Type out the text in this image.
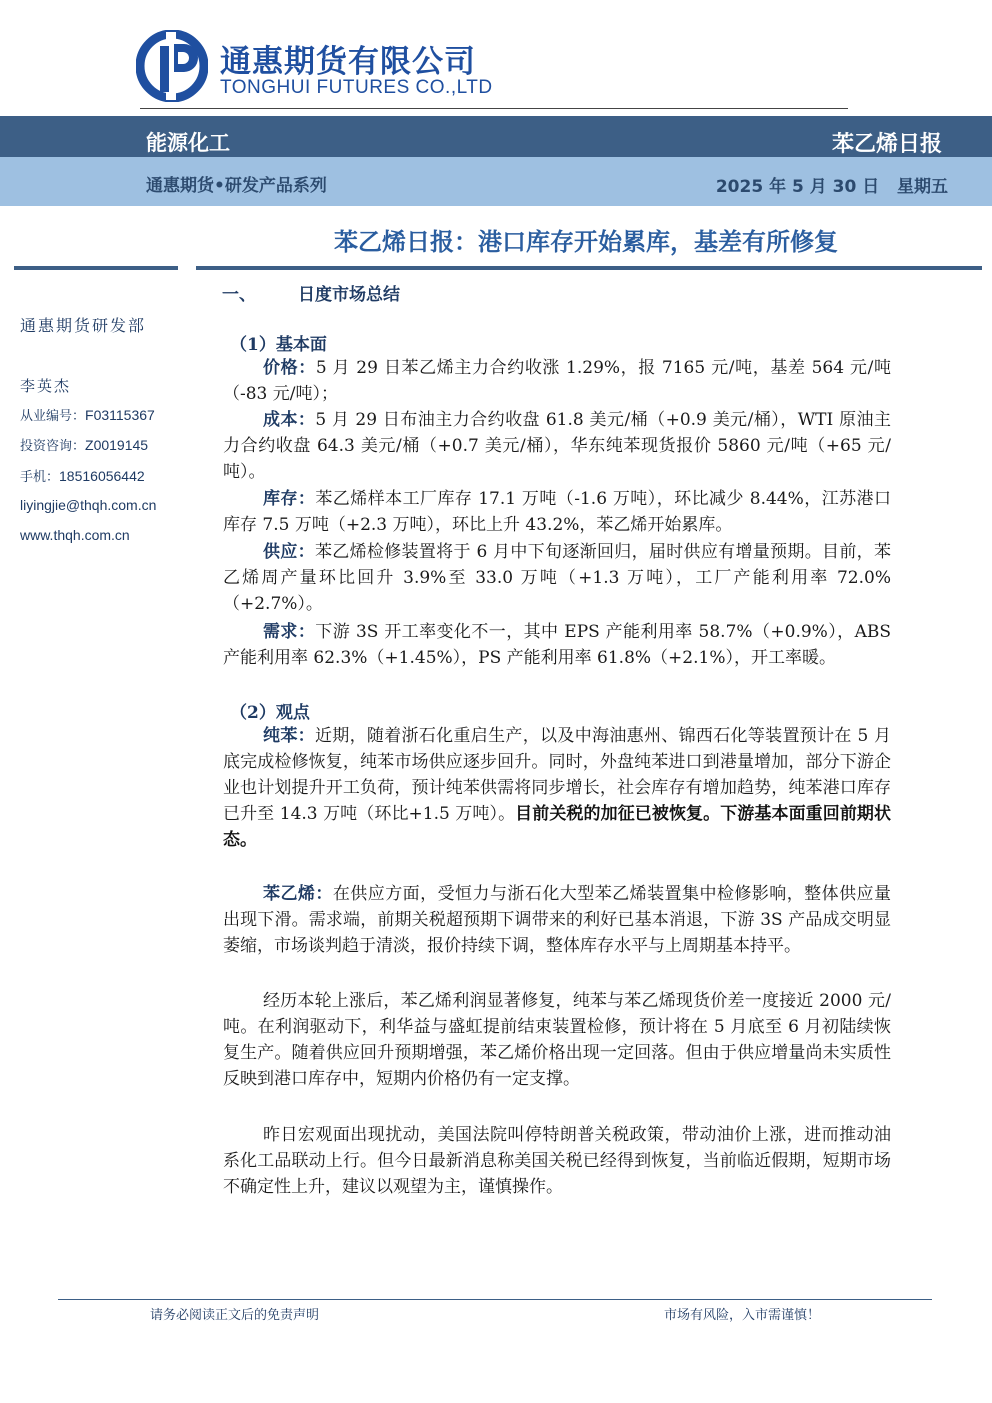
通惠期货有限公司
TONGHUI FUTURES CO.,LTD
能源化工	苯乙烯日报
通惠期货•研发产品系列	2025 年 5 月 30 日   星期五
苯乙烯日报：港口库存开始累库，基差有所修复
通惠期货研发部
李英杰
从业编号：F03115367
投资咨询：Z0019145
手机：18516056442
liyingjie@thqh.com.cn
www.thqh.com.cn
一、 日度市场总结
（1）基本面

价格：5 月 29 日苯乙烯主力合约收涨 1.29%，报 7165 元/吨，基差 564 元/吨（-83 元/吨）；

成本：5 月 29 日布油主力合约收盘 61.8 美元/桶（+0.9 美元/桶），WTI 原油主力合约收盘 64.3 美元/桶（+0.7 美元/桶），华东纯苯现货报价 5860 元/吨（+65 元/吨）。

库存：苯乙烯样本工厂库存 17.1 万吨（-1.6 万吨），环比减少 8.44%，江苏港口库存 7.5 万吨（+2.3 万吨），环比上升 43.2%，苯乙烯开始累库。

供应：苯乙烯检修装置将于 6 月中下旬逐渐回归，届时供应有增量预期。目前，苯乙烯周产量环比回升 3.9%至 33.0 万吨（+1.3 万吨），工厂产能利用率 72.0%（+2.7%）。

需求：下游 3S 开工率变化不一，其中 EPS 产能利用率 58.7%（+0.9%），ABS 产能利用率 62.3%（+1.45%），PS 产能利用率 61.8%（+2.1%），开工率暖。

（2）观点

纯苯：近期，随着浙石化重启生产，以及中海油惠州、锦西石化等装置预计在 5 月底完成检修恢复，纯苯市场供应逐步回升。同时，外盘纯苯进口到港量增加，部分下游企业也计划提升开工负荷，预计纯苯供需将同步增长，社会库存有增加趋势，纯苯港口库存已升至 14.3 万吨（环比+1.5 万吨）。目前关税的加征已被恢复。下游基本面重回前期状态。

苯乙烯：在供应方面，受恒力与浙石化大型苯乙烯装置集中检修影响，整体供应量出现下滑。需求端，前期关税超预期下调带来的利好已基本消退，下游 3S 产品成交明显萎缩，市场谈判趋于清淡，报价持续下调，整体库存水平与上周期基本持平。

经历本轮上涨后，苯乙烯利润显著修复，纯苯与苯乙烯现货价差一度接近 2000 元/吨。在利润驱动下，利华益与盛虹提前结束装置检修，预计将在 5 月底至 6 月初陆续恢复生产。随着供应回升预期增强，苯乙烯价格出现一定回落。但由于供应增量尚未实质性反映到港口库存中，短期内价格仍有一定支撑。

昨日宏观面出现扰动，美国法院叫停特朗普关税政策，带动油价上涨，进而推动油系化工品联动上行。但今日最新消息称美国关税已经得到恢复，当前临近假期，短期市场不确定性上升，建议以观望为主，谨慎操作。

请务必阅读正文后的免责声明	市场有风险，入市需谨慎！
